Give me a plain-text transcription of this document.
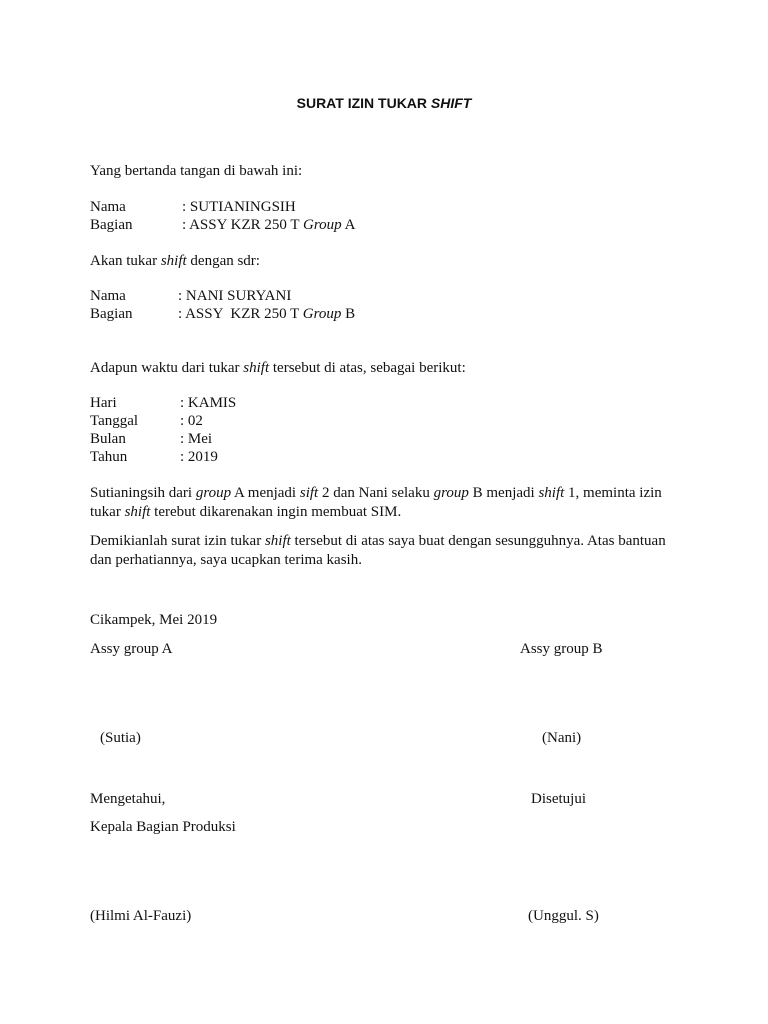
SURAT IZIN TUKAR SHIFT
Yang bertanda tangan di bawah ini:
Nama	: SUTIANINGSIH
Bagian	: ASSY KZR 250 T Group A
Akan tukar shift dengan sdr:
Nama	: NANI SURYANI
Bagian	: ASSY  KZR 250 T Group B
Adapun waktu dari tukar shift tersebut di atas, sebagai berikut:
Hari	: KAMIS
Tanggal	: 02
Bulan	: Mei
Tahun	: 2019
Sutianingsih dari group A menjadi sift 2 dan Nani selaku group B menjadi shift 1, meminta izin tukar shift terebut dikarenakan ingin membuat SIM.
Demikianlah surat izin tukar shift tersebut di atas saya buat dengan sesungguhnya. Atas bantuan dan perhatiannya, saya ucapkan terima kasih.
Cikampek, Mei 2019
Assy group A	Assy group B
(Sutia)	(Nani)
Mengetahui,	Disetujui
Kepala Bagian Produksi
(Hilmi Al-Fauzi)	(Unggul. S)
